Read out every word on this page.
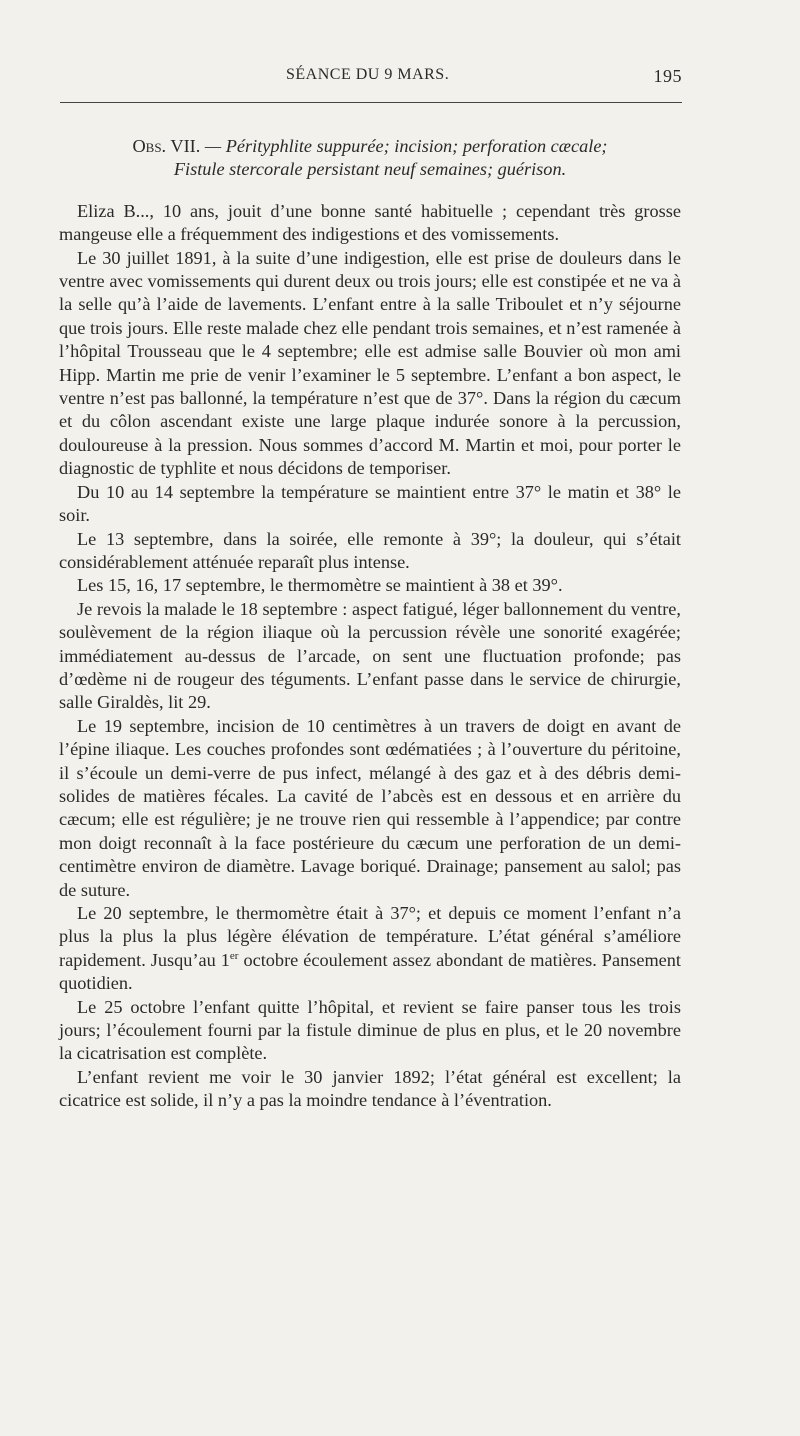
SÉANCE DU 9 MARS.	195

Obs. VII. — Pérityphlite suppurée; incision; perforation cæcale;

Fistule stercorale persistant neuf semaines; guérison.

Eliza B..., 10 ans, jouit d’une bonne santé habituelle ; cependant très grosse mangeuse elle a fréquemment des indigestions et des vomissements.

Le 30 juillet 1891, à la suite d’une indigestion, elle est prise de douleurs dans le ventre avec vomissements qui durent deux ou trois jours; elle est constipée et ne va à la selle qu’à l’aide de lavements. L’enfant entre à la salle Triboulet et n’y séjourne que trois jours. Elle reste malade chez elle pendant trois semaines, et n’est ramenée à l’hôpital Trousseau que le 4 septembre; elle est admise salle Bouvier où mon ami Hipp. Martin me prie de venir l’examiner le 5 septembre. L’enfant a bon aspect, le ventre n’est pas ballonné, la température n’est que de 37°. Dans la région du cæcum et du côlon ascendant existe une large plaque indurée sonore à la percussion, douloureuse à la pression. Nous sommes d’accord M. Martin et moi, pour porter le diagnostic de typhlite et nous décidons de temporiser.

Du 10 au 14 septembre la température se maintient entre 37° le matin et 38° le soir.

Le 13 septembre, dans la soirée, elle remonte à 39°; la douleur, qui s’était considérablement atténuée reparaît plus intense.

Les 15, 16, 17 septembre, le thermomètre se maintient à 38 et 39°.

Je revois la malade le 18 septembre : aspect fatigué, léger ballonnement du ventre, soulèvement de la région iliaque où la percussion révèle une sonorité exagérée; immédiatement au-dessus de l’arcade, on sent une fluctuation profonde; pas d’œdème ni de rougeur des téguments. L’enfant passe dans le service de chirurgie, salle Giraldès, lit 29.

Le 19 septembre, incision de 10 centimètres à un travers de doigt en avant de l’épine iliaque. Les couches profondes sont œdématiées ; à l’ouverture du péritoine, il s’écoule un demi-verre de pus infect, mélangé à des gaz et à des débris demi-solides de matières fécales. La cavité de l’abcès est en dessous et en arrière du cæcum; elle est régulière; je ne trouve rien qui ressemble à l’appendice; par contre mon doigt reconnaît à la face postérieure du cæcum une perforation de un demi-centimètre environ de diamètre. Lavage boriqué. Drainage; pansement au salol; pas de suture.

Le 20 septembre, le thermomètre était à 37°; et depuis ce moment l’enfant n’a plus la plus la plus légère élévation de température. L’état général s’améliore rapidement. Jusqu’au 1er octobre écoulement assez abondant de matières. Pansement quotidien.

Le 25 octobre l’enfant quitte l’hôpital, et revient se faire panser tous les trois jours; l’écoulement fourni par la fistule diminue de plus en plus, et le 20 novembre la cicatrisation est complète.

L’enfant revient me voir le 30 janvier 1892; l’état général est excellent; la cicatrice est solide, il n’y a pas la moindre tendance à l’éventration.
